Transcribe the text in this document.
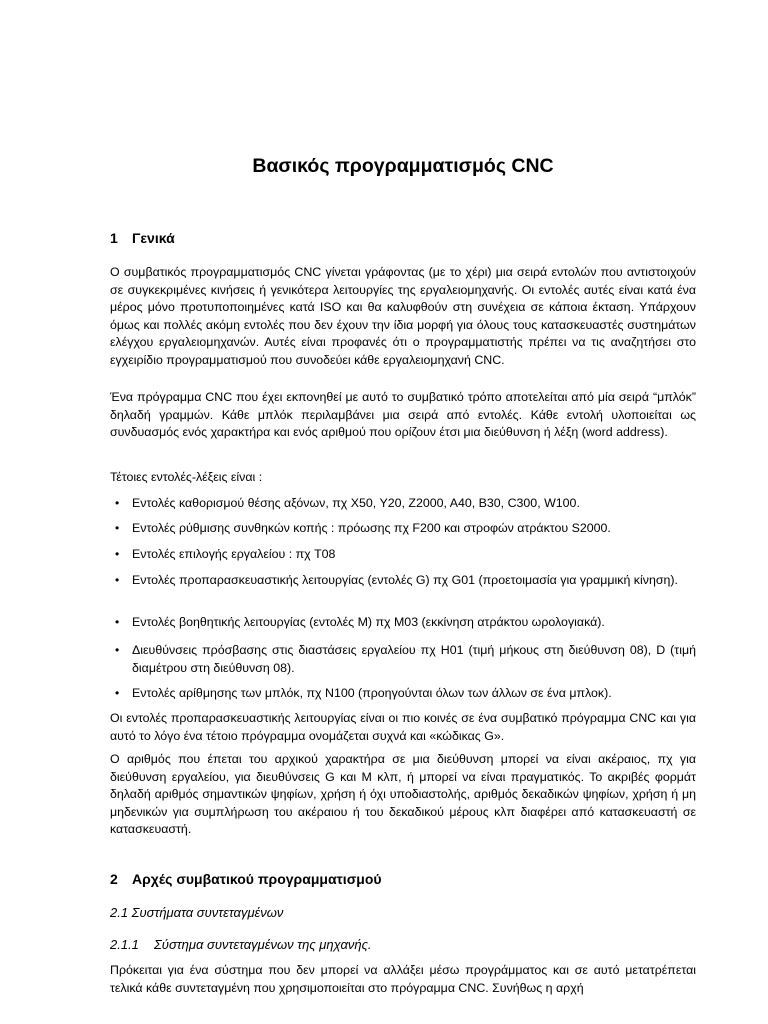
Βασικός προγραμματισμός CNC
1 Γενικά
Ο συμβατικός προγραμματισμός CNC γίνεται γράφοντας (με το χέρι) μια σειρά εντολών που αντιστοιχούν σε συγκεκριμένες κινήσεις ή γενικότερα λειτουργίες της εργαλειομηχανής. Οι εντολές αυτές είναι κατά ένα μέρος μόνο προτυποποιημένες κατά ISO και θα καλυφθούν στη συνέχεια σε κάποια έκταση. Υπάρχουν όμως και πολλές ακόμη εντολές που δεν έχουν την ίδια μορφή για όλους τους κατασκευαστές συστημάτων ελέγχου εργαλειομηχανών. Αυτές είναι προφανές ότι ο προγραμματιστής πρέπει να τις αναζητήσει στο εγχειρίδιο προγραμματισμού που συνοδεύει κάθε εργαλειομηχανή CNC.
Ένα πρόγραμμα CNC που έχει εκπονηθεί με αυτό το συμβατικό τρόπο αποτελείται από μία σειρά “μπλόκ” δηλαδή γραμμών. Κάθε μπλόκ περιλαμβάνει μια σειρά από εντολές. Κάθε εντολή υλοποιείται ως συνδυασμός ενός χαρακτήρα και ενός αριθμού που ορίζουν έτσι μια διεύθυνση ή λέξη (word address).
Τέτοιες εντολές-λέξεις είναι :
• Εντολές καθορισμού θέσης αξόνων, πχ X50, Y20, Z2000, A40, B30, C300, W100.
• Εντολές ρύθμισης συνθηκών κοπής : πρόωσης πχ F200 και στροφών ατράκτου S2000.
• Εντολές επιλογής εργαλείου : πχ T08
• Εντολές προπαρασκευαστικής λειτουργίας (εντολές G) πχ G01 (προετοιμασία για γραμμική κίνηση).
• Εντολές βοηθητικής λειτουργίας (εντολές M) πχ M03 (εκκίνηση ατράκτου ωρολογιακά).
• Διευθύνσεις πρόσβασης στις διαστάσεις εργαλείου πχ H01 (τιμή μήκους στη διεύθυνση 08), D (τιμή διαμέτρου στη διεύθυνση 08).
• Εντολές αρίθμησης των μπλόκ, πχ N100 (προηγούνται όλων των άλλων σε ένα μπλοκ).
Οι εντολές προπαρασκευαστικής λειτουργίας είναι οι πιο κοινές σε ένα συμβατικό πρόγραμμα CNC και για αυτό το λόγο ένα τέτοιο πρόγραμμα ονομάζεται συχνά και «κώδικας G».
Ο αριθμός που έπεται του αρχικού χαρακτήρα σε μια διεύθυνση μπορεί να είναι ακέραιος, πχ για διεύθυνση εργαλείου, για διευθύνσεις G και M κλπ, ή μπορεί να είναι πραγματικός. Το ακριβές φορμάτ δηλαδή αριθμός σημαντικών ψηφίων, χρήση ή όχι υποδιαστολής, αριθμός δεκαδικών ψηφίων, χρήση ή μη μηδενικών για συμπλήρωση του ακέραιου ή του δεκαδικού μέρους κλπ διαφέρει από κατασκευαστή σε κατασκευαστή.
2 Αρχές συμβατικού προγραμματισμού
2.1 Συστήματα συντεταγμένων
2.1.1 Σύστημα συντεταγμένων της μηχανής.
Πρόκειται για ένα σύστημα που δεν μπορεί να αλλάξει μέσω προγράμματος και σε αυτό μετατρέπεται τελικά κάθε συντεταγμένη που χρησιμοποιείται στο πρόγραμμα CNC. Συνήθως η αρχή
